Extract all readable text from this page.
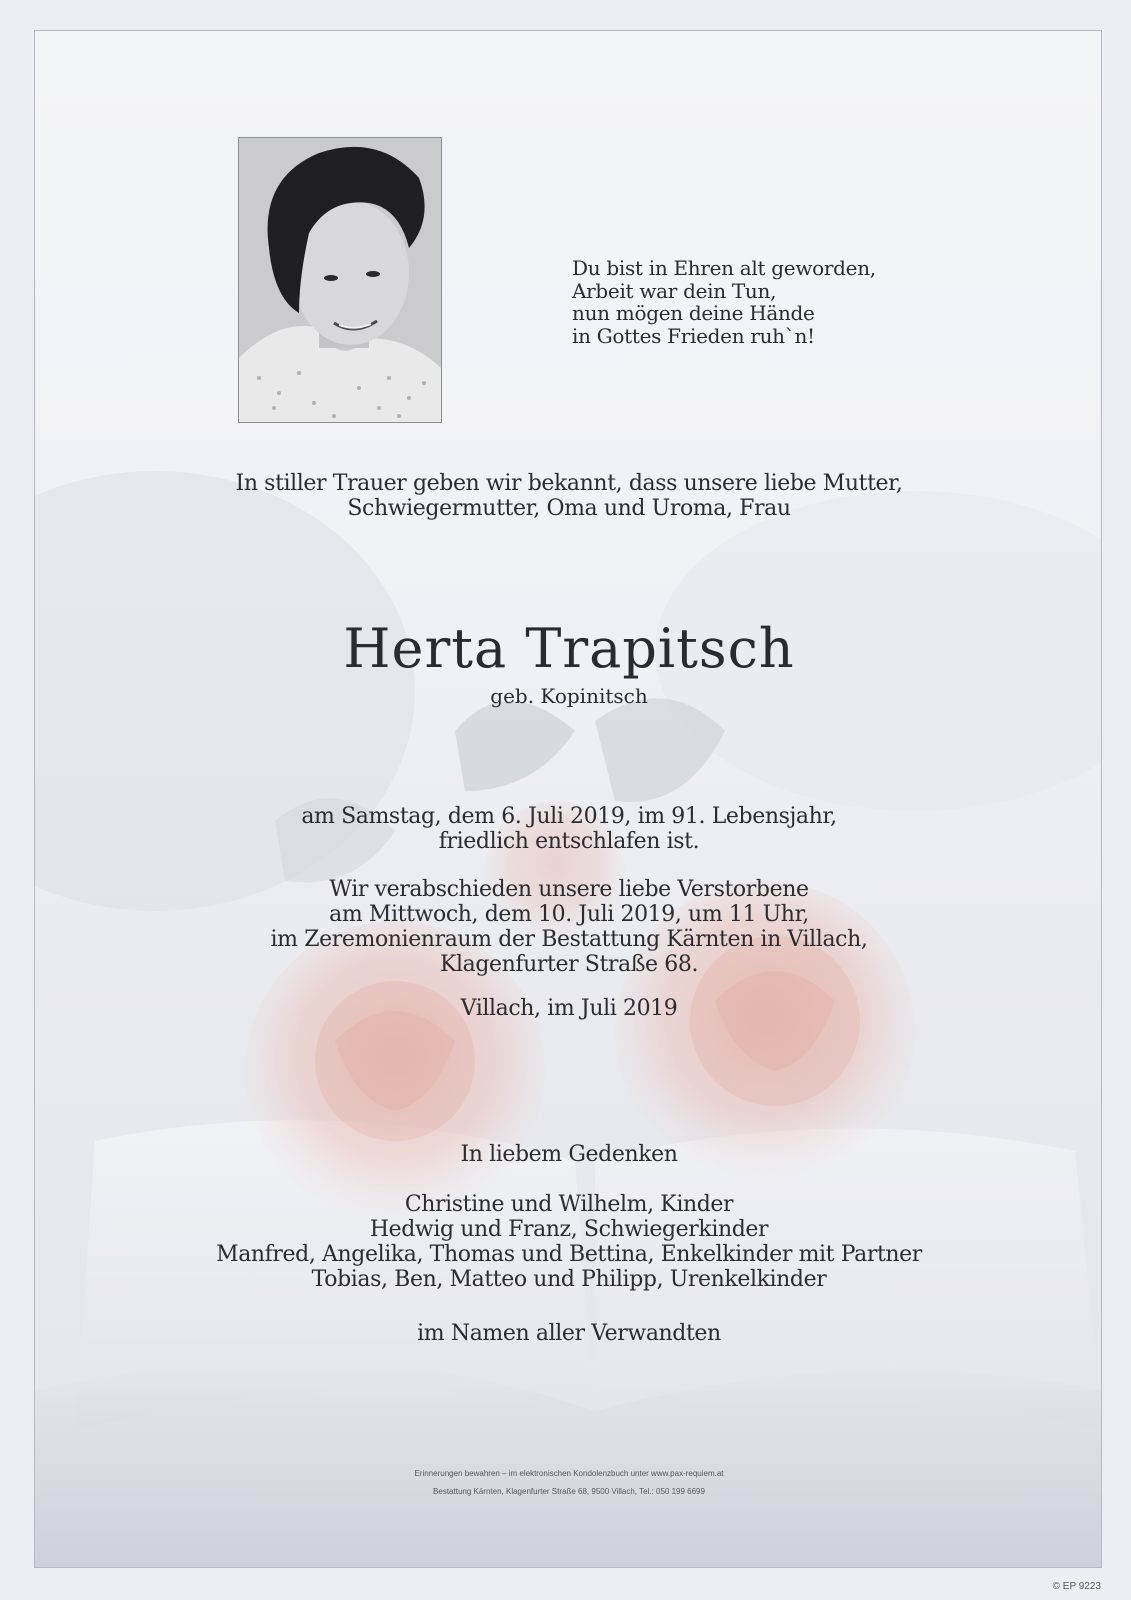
Du bist in Ehren alt geworden,
Arbeit war dein Tun,
nun mögen deine Hände
in Gottes Frieden ruh`n!
In stiller Trauer geben wir bekannt, dass unsere liebe Mutter,
Schwiegermutter, Oma und Uroma, Frau
Herta Trapitsch
geb. Kopinitsch
am Samstag, dem 6. Juli 2019, im 91. Lebensjahr,
friedlich entschlafen ist.
Wir verabschieden unsere liebe Verstorbene
am Mittwoch, dem 10. Juli 2019, um 11 Uhr,
im Zeremonienraum der Bestattung Kärnten in Villach,
Klagenfurter Straße 68.
Villach, im Juli 2019
In liebem Gedenken
Christine und Wilhelm, Kinder
Hedwig und Franz, Schwiegerkinder
Manfred, Angelika, Thomas und Bettina, Enkelkinder mit Partner
Tobias, Ben, Matteo und Philipp, Urenkelkinder
im Namen aller Verwandten
Erinnerungen bewahren – im elektronischen Kondolenzbuch unter www.pax-requiem.at
Bestattung Kärnten, Klagenfurter Straße 68, 9500 Villach, Tel.: 050 199 6699
© EP 9223
